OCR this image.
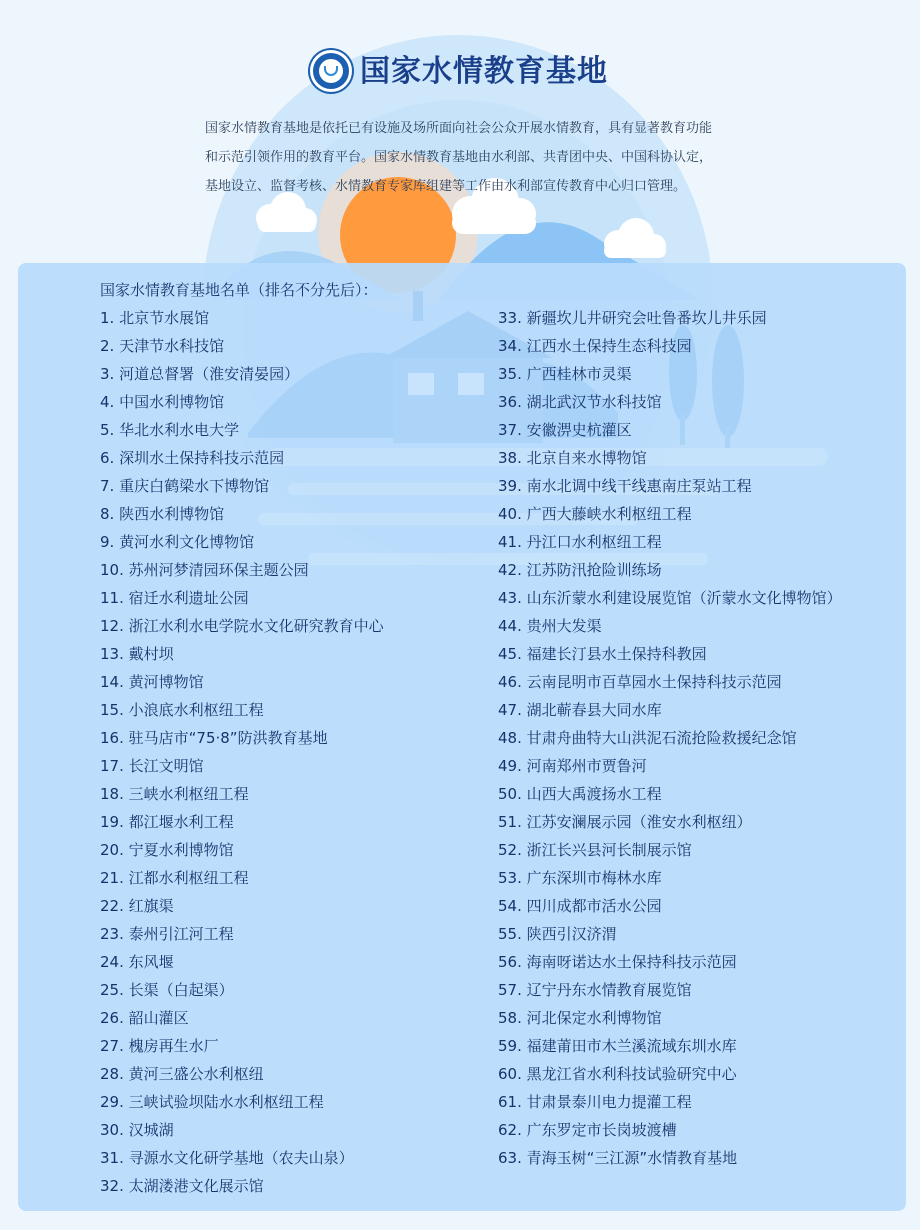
国家水情教育基地

国家水情教育基地是依托已有设施及场所面向社会公众开展水情教育，具有显著教育功能和示范引领作用的教育平台。国家水情教育基地由水利部、共青团中央、中国科协认定，基地设立、监督考核、水情教育专家库组建等工作由水利部宣传教育中心归口管理。

国家水情教育基地名单（排名不分先后）：

1. 北京节水展馆
2. 天津节水科技馆
3. 河道总督署（淮安清晏园）
4. 中国水利博物馆
5. 华北水利水电大学
6. 深圳水土保持科技示范园
7. 重庆白鹤梁水下博物馆
8. 陕西水利博物馆
9. 黄河水利文化博物馆
10. 苏州河梦清园环保主题公园
11. 宿迁水利遗址公园
12. 浙江水利水电学院水文化研究教育中心
13. 戴村坝
14. 黄河博物馆
15. 小浪底水利枢纽工程
16. 驻马店市“75·8”防洪教育基地
17. 长江文明馆
18. 三峡水利枢纽工程
19. 都江堰水利工程
20. 宁夏水利博物馆
21. 江都水利枢纽工程
22. 红旗渠
23. 泰州引江河工程
24. 东风堰
25. 长渠（白起渠）
26. 韶山灌区
27. 槐房再生水厂
28. 黄河三盛公水利枢纽
29. 三峡试验坝陆水水利枢纽工程
30. 汉城湖
31. 寻源水文化研学基地（农夫山泉）
32. 太湖溇港文化展示馆
33. 新疆坎儿井研究会吐鲁番坎儿井乐园
34. 江西水土保持生态科技园
35. 广西桂林市灵渠
36. 湖北武汉节水科技馆
37. 安徽淠史杭灌区
38. 北京自来水博物馆
39. 南水北调中线干线惠南庄泵站工程
40. 广西大藤峡水利枢纽工程
41. 丹江口水利枢纽工程
42. 江苏防汛抢险训练场
43. 山东沂蒙水利建设展览馆（沂蒙水文化博物馆）
44. 贵州大发渠
45. 福建长汀县水土保持科教园
46. 云南昆明市百草园水土保持科技示范园
47. 湖北蕲春县大同水库
48. 甘肃舟曲特大山洪泥石流抢险救援纪念馆
49. 河南郑州市贾鲁河
50. 山西大禹渡扬水工程
51. 江苏安澜展示园（淮安水利枢纽）
52. 浙江长兴县河长制展示馆
53. 广东深圳市梅林水库
54. 四川成都市活水公园
55. 陕西引汉济渭
56. 海南呀诺达水土保持科技示范园
57. 辽宁丹东水情教育展览馆
58. 河北保定水利博物馆
59. 福建莆田市木兰溪流域东圳水库
60. 黑龙江省水利科技试验研究中心
61. 甘肃景泰川电力提灌工程
62. 广东罗定市长岗坡渡槽
63. 青海玉树“三江源”水情教育基地
